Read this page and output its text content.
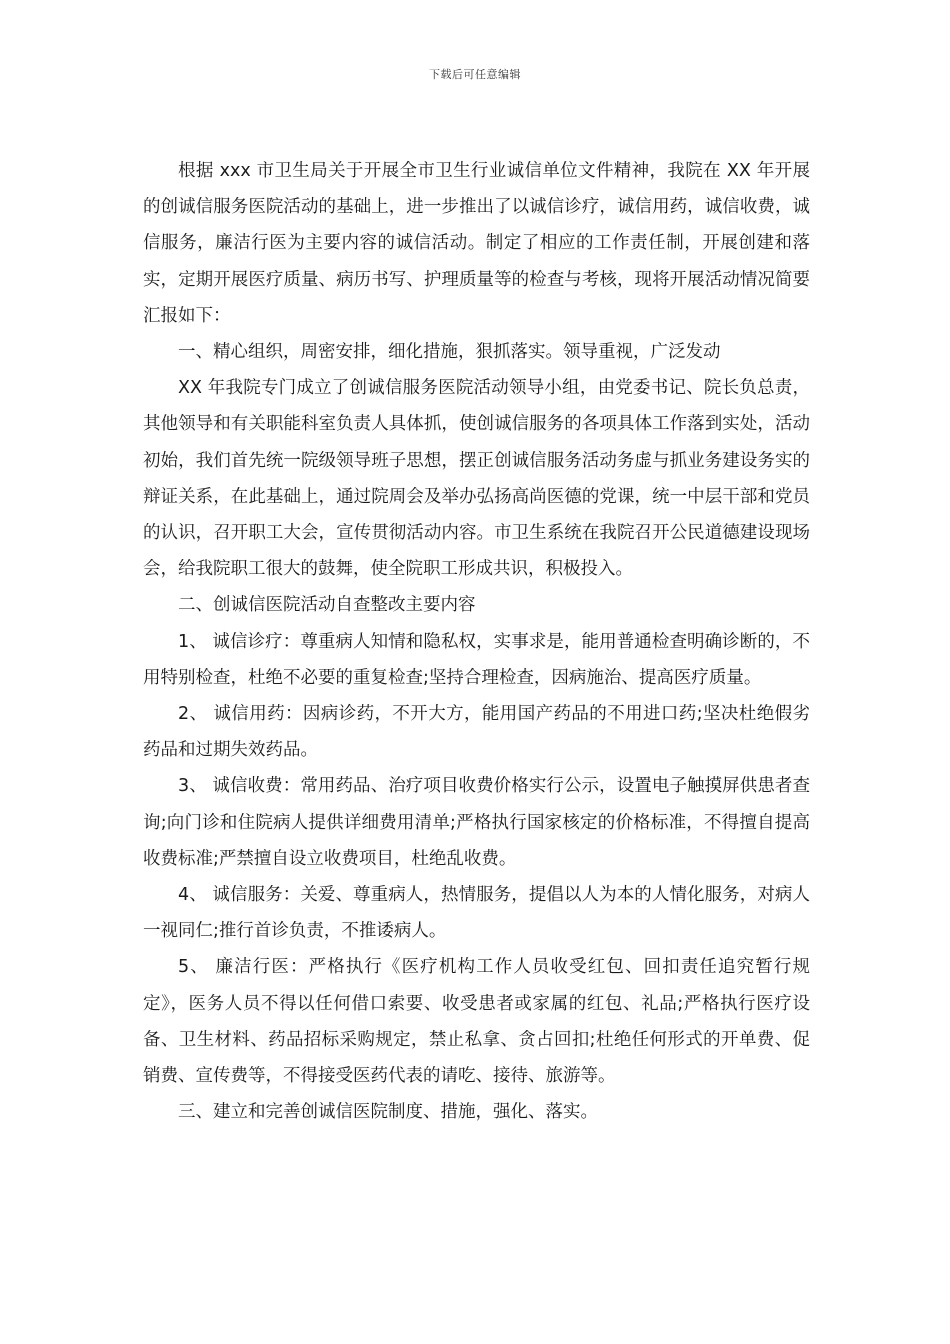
下载后可任意编辑

根据 xxx 市卫生局关于开展全市卫生行业诚信单位文件精神，我院在 XX 年开展的创诚信服务医院活动的基础上，进一步推出了以诚信诊疗，诚信用药，诚信收费，诚信服务，廉洁行医为主要内容的诚信活动。制定了相应的工作责任制，开展创建和落实，定期开展医疗质量、病历书写、护理质量等的检查与考核，现将开展活动情况简要汇报如下：

一、精心组织，周密安排，细化措施，狠抓落实。领导重视，广泛发动

XX 年我院专门成立了创诚信服务医院活动领导小组，由党委书记、院长负总责，其他领导和有关职能科室负责人具体抓，使创诚信服务的各项具体工作落到实处，活动初始，我们首先统一院级领导班子思想，摆正创诚信服务活动务虚与抓业务建设务实的辩证关系，在此基础上，通过院周会及举办弘扬高尚医德的党课，统一中层干部和党员的认识，召开职工大会，宣传贯彻活动内容。市卫生系统在我院召开公民道德建设现场会，给我院职工很大的鼓舞，使全院职工形成共识，积极投入。

二、创诚信医院活动自查整改主要内容

1、 诚信诊疗：尊重病人知情和隐私权，实事求是，能用普通检查明确诊断的，不用特别检查，杜绝不必要的重复检查;坚持合理检查，因病施治、提高医疗质量。

2、 诚信用药：因病诊药，不开大方，能用国产药品的不用进口药;坚决杜绝假劣药品和过期失效药品。

3、 诚信收费：常用药品、治疗项目收费价格实行公示，设置电子触摸屏供患者查询;向门诊和住院病人提供详细费用清单;严格执行国家核定的价格标准，不得擅自提高收费标准;严禁擅自设立收费项目，杜绝乱收费。

4、 诚信服务：关爱、尊重病人，热情服务，提倡以人为本的人情化服务，对病人一视同仁;推行首诊负责，不推诿病人。

5、 廉洁行医：严格执行《医疗机构工作人员收受红包、回扣责任追究暂行规定》，医务人员不得以任何借口索要、收受患者或家属的红包、礼品;严格执行医疗设备、卫生材料、药品招标采购规定，禁止私拿、贪占回扣;杜绝任何形式的开单费、促销费、宣传费等，不得接受医药代表的请吃、接待、旅游等。

三、建立和完善创诚信医院制度、措施，强化、落实。
